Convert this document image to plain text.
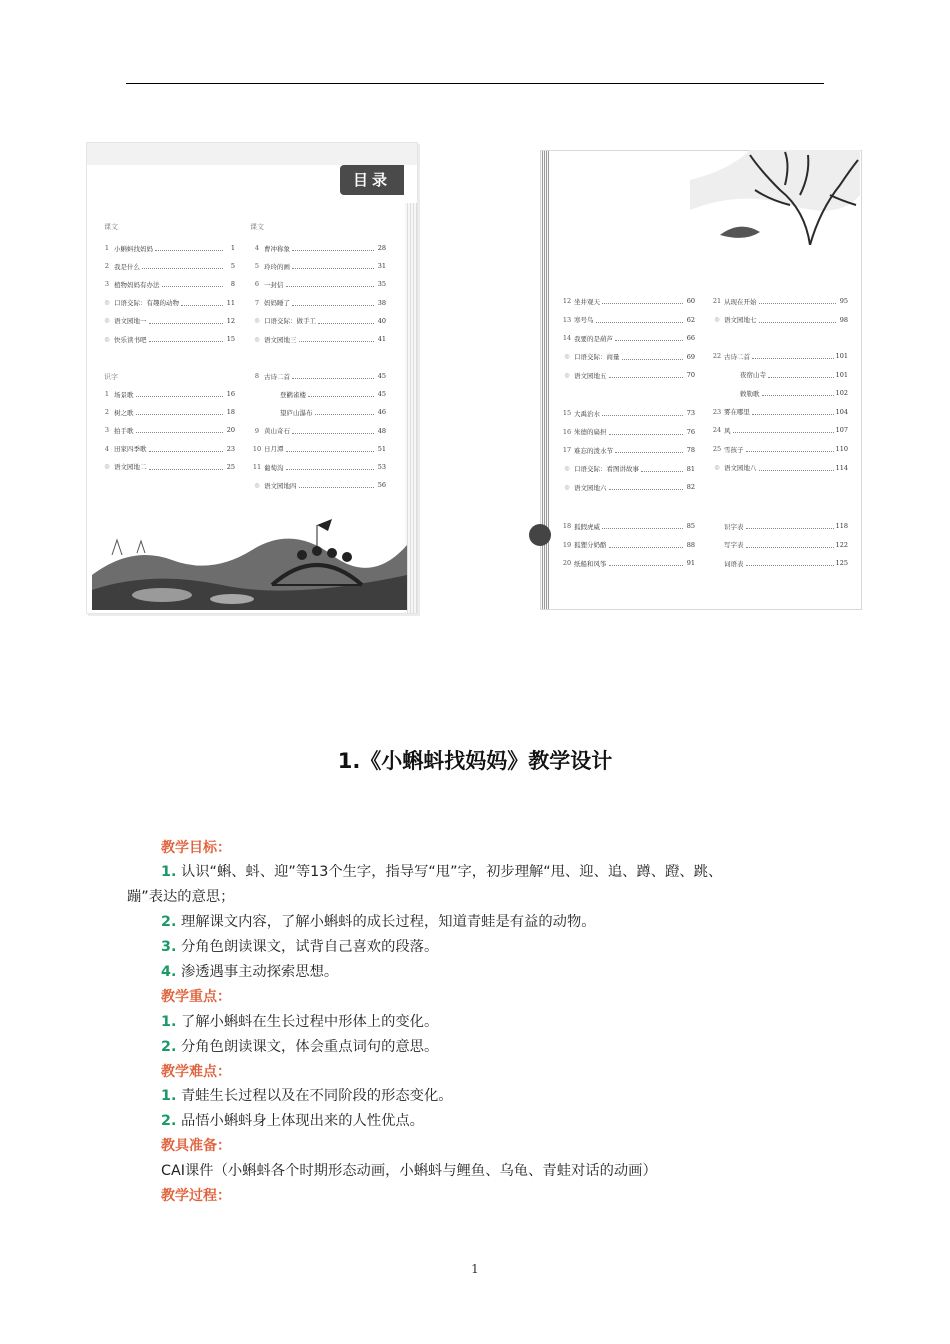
目录
课文	课文
识字
1 小蝌蚪找妈妈	1
2 我是什么	5
3 植物妈妈有办法	8
◎ 口语交际：有趣的动物	11
◎ 语文园地一	12
◎ 快乐读书吧	15
1 场景歌	16
2 树之歌	18
3 拍手歌	20
4 田家四季歌	23
◎ 语文园地二	25
4 曹冲称象	28
5 玲玲的画	31
6 一封信	35
7 妈妈睡了	38
◎ 口语交际：做手工	40
◎ 语文园地三	41
8 古诗二首	45
登鹳雀楼	45
望庐山瀑布	46
9 黄山奇石	48
10 日月潭	51
11 葡萄沟	53
◎ 语文园地四	56
12 坐井观天	60
13 寒号鸟	62
14 我要的是葫芦	66
◎ 口语交际：商量	69
◎ 语文园地五	70
15 大禹治水	73
16 朱德的扁担	76
17 难忘的泼水节	78
◎ 口语交际：看图讲故事	81
◎ 语文园地六	82
18 狐假虎威	85
19 狐狸分奶酪	88
20 纸船和风筝	91
21 从现在开始	95
◎ 语文园地七	98
22 古诗二首	101
夜宿山寺	101
敕勒歌	102
23 雾在哪里	104
24 风	107
25 雪孩子	110
◎ 语文园地八	114
识字表	118
写字表	122
词语表	125
1.《小蝌蚪找妈妈》教学设计
教学目标：
1. 认识“蝌、蚪、迎”等13个生字，指导写“甩”字，初步理解“甩、迎、追、蹲、蹬、跳、
蹦”表达的意思；
2. 理解课文内容，了解小蝌蚪的成长过程，知道青蛙是有益的动物。
3. 分角色朗读课文，试背自己喜欢的段落。
4. 渗透遇事主动探索思想。
教学重点：
1. 了解小蝌蚪在生长过程中形体上的变化。
2. 分角色朗读课文，体会重点词句的意思。
教学难点：
1. 青蛙生长过程以及在不同阶段的形态变化。
2. 品悟小蝌蚪身上体现出来的人性优点。
教具准备：
CAI课件（小蝌蚪各个时期形态动画，小蝌蚪与鲤鱼、乌龟、青蛙对话的动画）
教学过程：
1
